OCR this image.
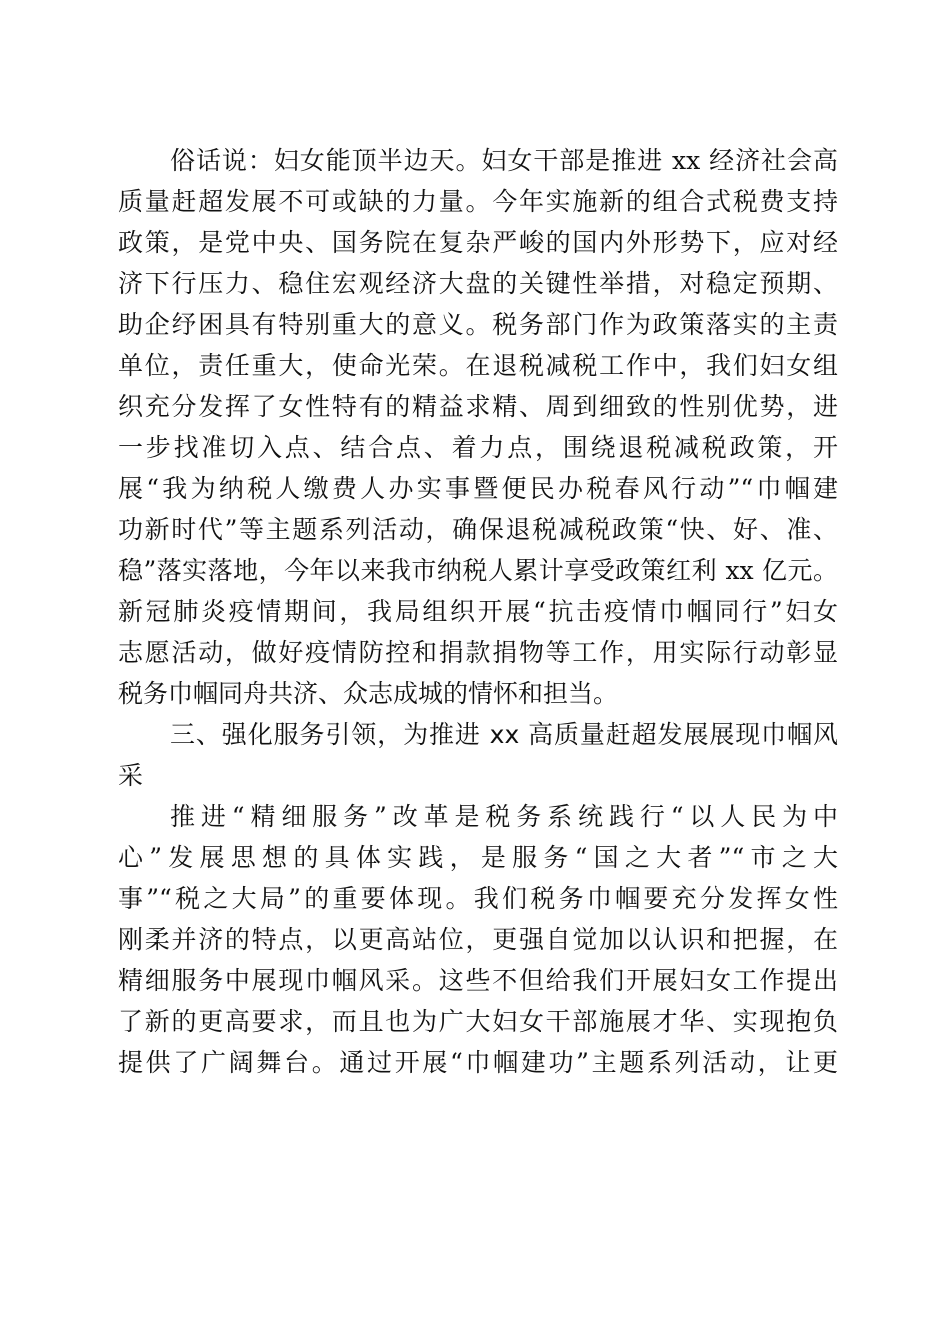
俗话说：妇女能顶半边天。妇女干部是推进 xx 经济社会高
质量赶超发展不可或缺的力量。今年实施新的组合式税费支持
政策，是党中央、国务院在复杂严峻的国内外形势下，应对经
济下行压力、稳住宏观经济大盘的关键性举措，对稳定预期、
助企纾困具有特别重大的意义。税务部门作为政策落实的主责
单位，责任重大，使命光荣。在退税减税工作中，我们妇女组
织充分发挥了女性特有的精益求精、周到细致的性别优势，进
一步找准切入点、结合点、着力点，围绕退税减税政策，开
展“我为纳税人缴费人办实事暨便民办税春风行动”“巾帼建
功新时代”等主题系列活动，确保退税减税政策“快、好、准、
稳”落实落地，今年以来我市纳税人累计享受政策红利 xx 亿元。
新冠肺炎疫情期间，我局组织开展“抗击疫情巾帼同行”妇女
志愿活动，做好疫情防控和捐款捐物等工作，用实际行动彰显
税务巾帼同舟共济、众志成城的情怀和担当。
三、强化服务引领，为推进 xx 高质量赶超发展展现巾帼风
采
推进“精细服务”改革是税务系统践行“以人民为中
心”发展思想的具体实践，是服务“国之大者”“市之大
事”“税之大局”的重要体现。我们税务巾帼要充分发挥女性
刚柔并济的特点，以更高站位，更强自觉加以认识和把握，在
精细服务中展现巾帼风采。这些不但给我们开展妇女工作提出
了新的更高要求，而且也为广大妇女干部施展才华、实现抱负
提供了广阔舞台。通过开展“巾帼建功”主题系列活动，让更
